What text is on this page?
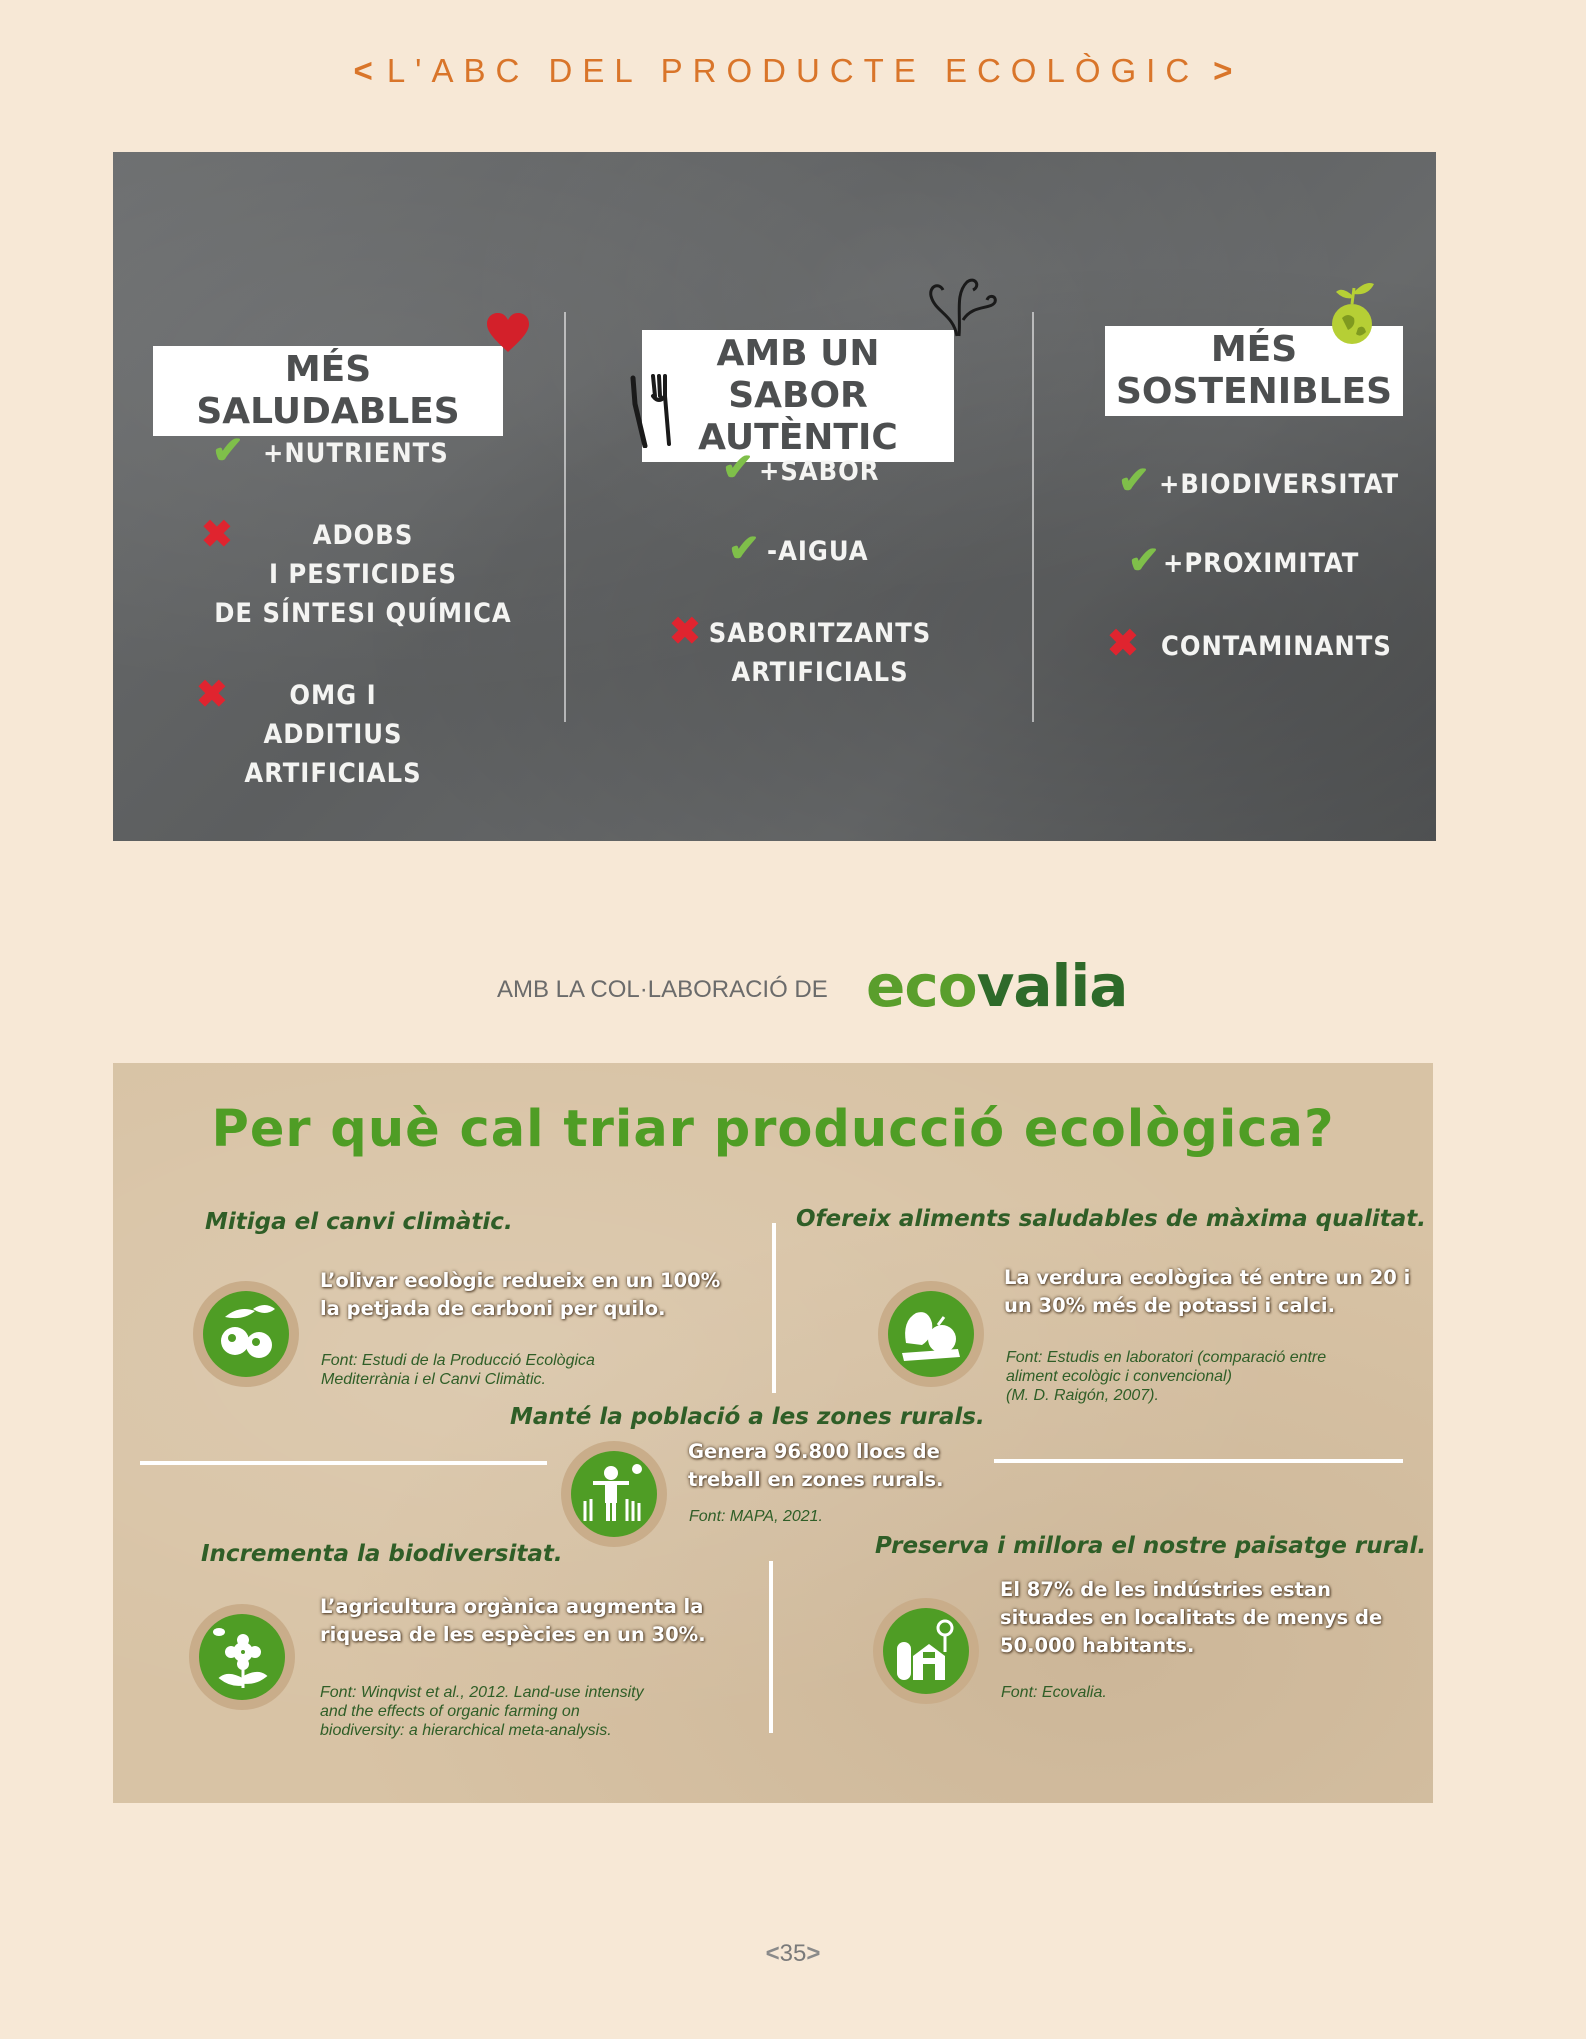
< L'ABC DEL PRODUCTE ECOLÒGIC >
MÉS SALUDABLES
✔ +NUTRIENTS
✖	ADOBS
I PESTICIDES
DE SÍNTESI QUÍMICA
✖	OMG I ADDITIUS
ARTIFICIALS
AMB UN SABOR
AUTÈNTIC
✔ +SABOR
✔ -AIGUA
✖ SABORITZANTS
ARTIFICIALS
MÉS
SOSTENIBLES
✔ +BIODIVERSITAT
✔ +PROXIMITAT
✖ CONTAMINANTS
AMB LA COL·LABORACIÓ DE ecovalia
Per què cal triar producció ecològica?
Mitiga el canvi climàtic.
L’olivar ecològic redueix en un 100%
la petjada de carboni per quilo.
Font: Estudi de la Producció Ecològica
Mediterrània i el Canvi Climàtic.
Ofereix aliments saludables de màxima qualitat.
La verdura ecològica té entre un 20 i
un 30% més de potassi i calci.
Font: Estudis en laboratori (comparació entre
aliment ecològic i convencional)
(M. D. Raigón, 2007).
Manté la població a les zones rurals.
Genera 96.800 llocs de
treball en zones rurals.
Font: MAPA, 2021.
Incrementa la biodiversitat.
L’agricultura orgànica augmenta la
riquesa de les espècies en un 30%.
Font: Winqvist et al., 2012. Land-use intensity
and the effects of organic farming on
biodiversity: a hierarchical meta-analysis.
Preserva i millora el nostre paisatge rural.
El 87% de les indústries estan
situades en localitats de menys de
50.000 habitants.
Font: Ecovalia.
<35>
